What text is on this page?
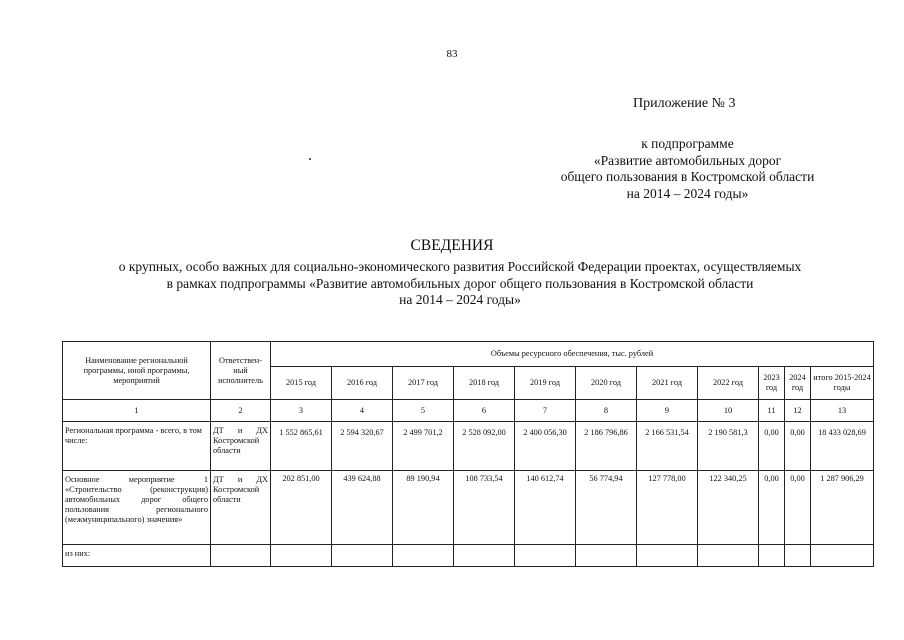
83
Приложение № 3
к подпрограмме
«Развитие автомобильных дорог
общего пользования в Костромской области
на 2014 – 2024 годы»
СВЕДЕНИЯ
о крупных, особо важных для социально-экономического развития Российской Федерации проектах, осуществляемых
в рамках подпрограммы «Развитие автомобильных дорог общего пользования в Костромской области
на 2014 – 2024 годы»
Наименование региональной программы, иной программы, мероприятий	Ответствен-ный исполнитель	Объемы ресурсного обеспечения, тыс. рублей										
		2015 год	2016 год	2017 год	2018 год	2019 год	2020 год	2021 год	2022 год	2023 год	2024 год	итого 2015-2024 годы
1	2	3	4	5	6	7	8	9	10	11	12	13
Региональная программа - всего, в том числе:	ДТ и ДХ Костромской области	1 552 865,61	2 594 320,67	2 499 701,2	2 528 092,00	2 400 056,30	2 186 796,86	2 166 531,54	2 190 581,3	0,00	0,00	18 433 028,69
Основное мероприятие 1 «Строительство (реконструкция) автомобильных дорог общего пользования регионального (межмуниципального) значения»	ДТ и ДХ Костромской области	202 851,00	439 624,88	89 190,94	108 733,54	140 612,74	56 774,94	127 778,00	122 340,25	0,00	0,00	1 287 906,29
из них:												
